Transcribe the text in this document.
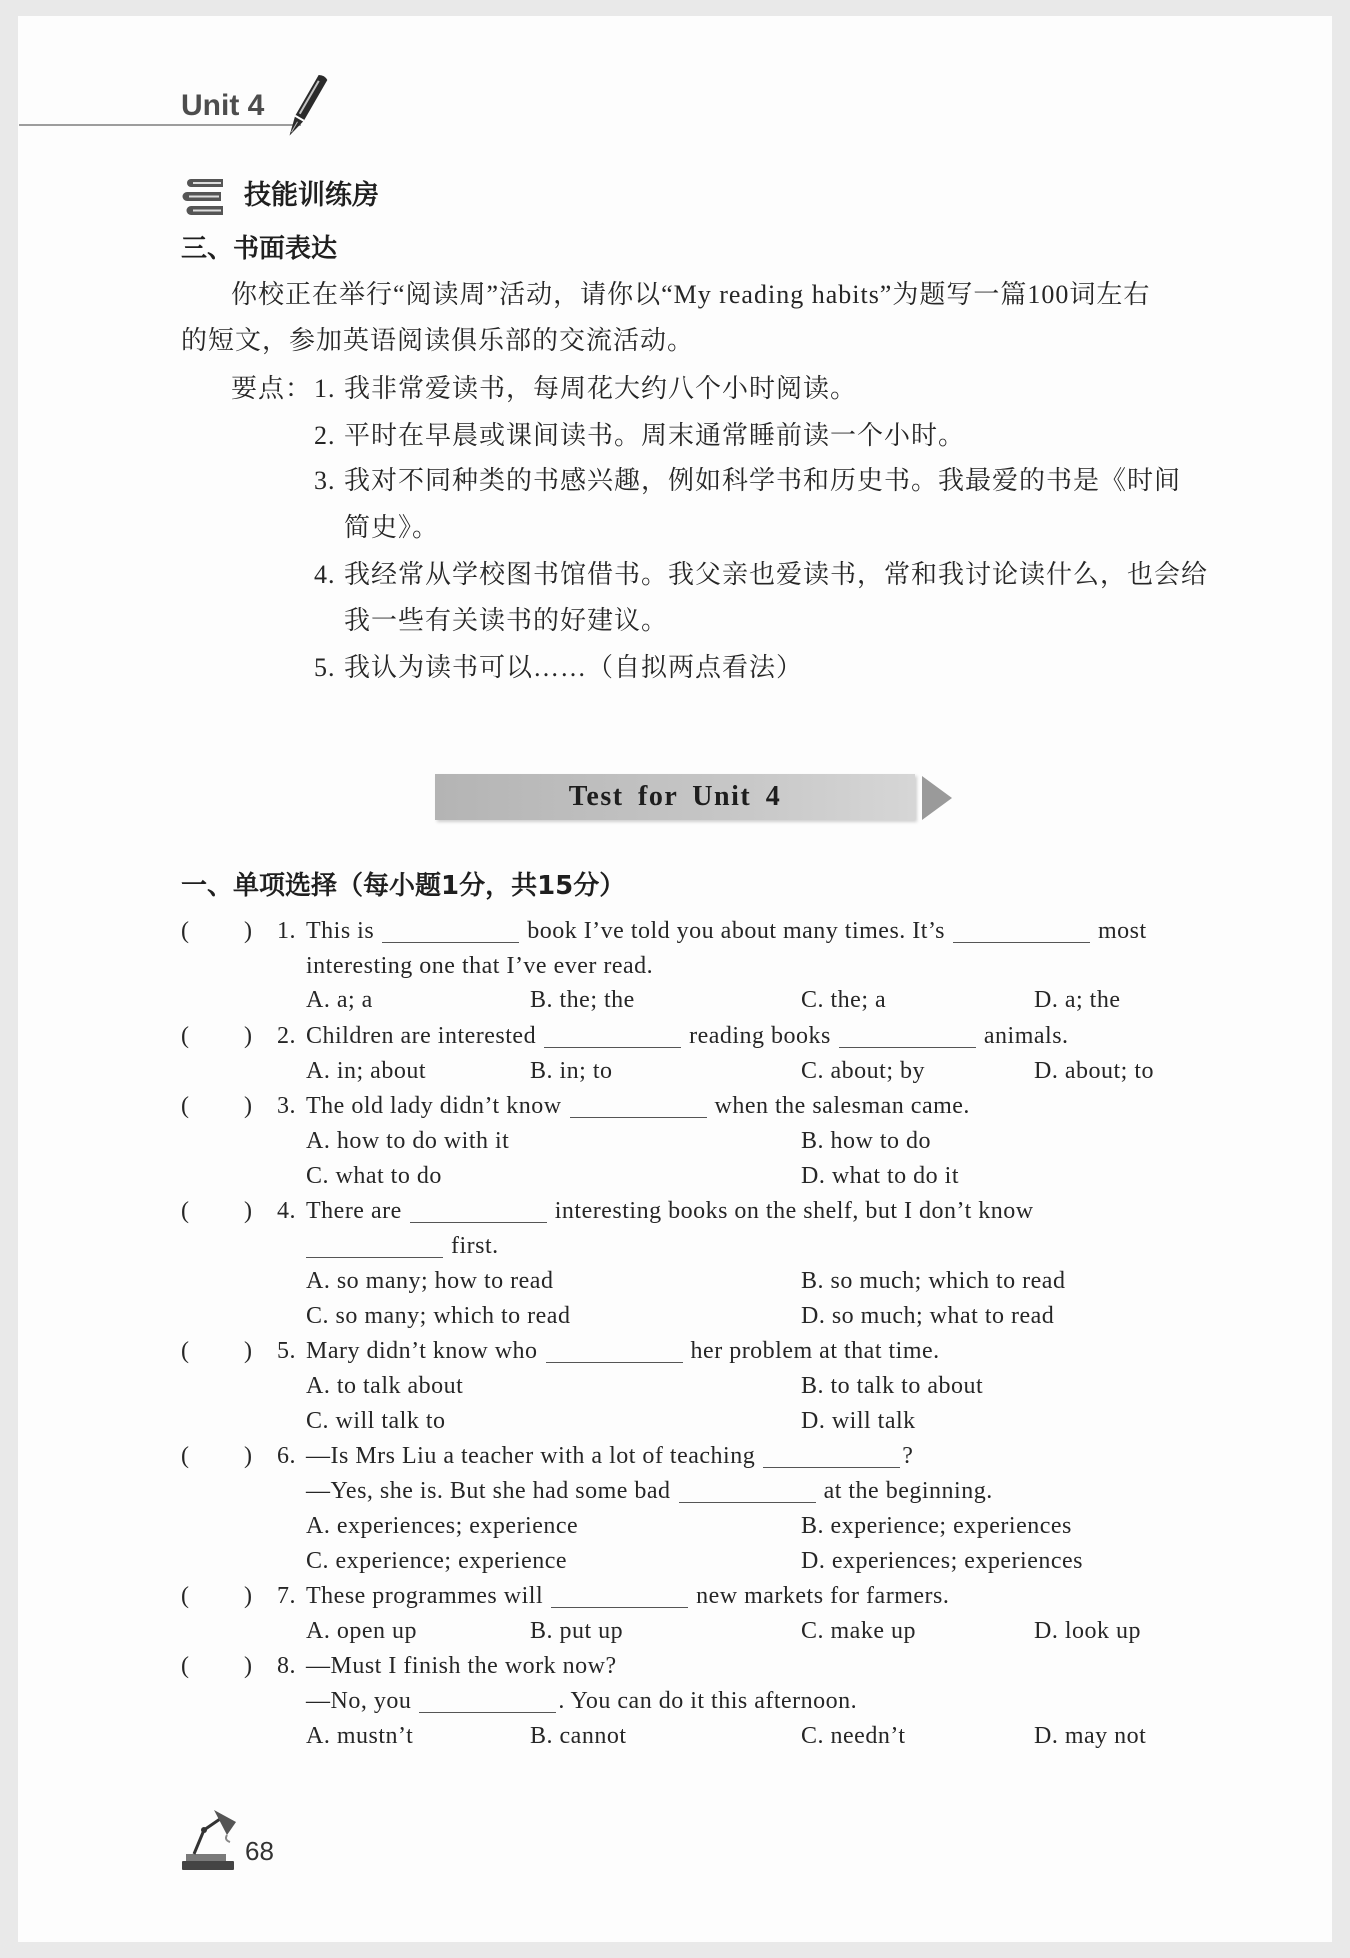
Unit 4
技能训练房
三、书面表达
你校正在举行“阅读周”活动，请你以“My reading habits”为题写一篇100词左右
的短文，参加英语阅读俱乐部的交流活动。
要点： 1. 我非常爱读书，每周花大约八个小时阅读。
2. 平时在早晨或课间读书。周末通常睡前读一个小时。
3. 我对不同种类的书感兴趣，例如科学书和历史书。我最爱的书是《时间
简史》。
4. 我经常从学校图书馆借书。我父亲也爱读书，常和我讨论读什么，也会给
我一些有关读书的好建议。
5. 我认为读书可以……（自拟两点看法）
Test for Unit 4
一、单项选择（每小题1分，共15分）
( ) 1. This is	book I’ve told you about many times. It’s	most
interesting one that I’ve ever read.
A. a; a	B. the; the	C. the; a	D. a; the
( ) 2. Children are interested	reading books	animals.
A. in; about	B. in; to	C. about; by	D. about; to
( ) 3. The old lady didn’t know	when the salesman came.
A. how to do with it	B. how to do
C. what to do	D. what to do it
( ) 4. There are	interesting books on the shelf, but I don’t know
first.
A. so many; how to read	B. so much; which to read
C. so many; which to read	D. so much; what to read
( ) 5. Mary didn’t know who	her problem at that time.
A. to talk about	B. to talk to about
C. will talk to	D. will talk
( ) 6. —Is Mrs Liu a teacher with a lot of teaching	?
—Yes, she is. But she had some bad	at the beginning.
A. experiences; experience	B. experience; experiences
C. experience; experience	D. experiences; experiences
( ) 7. These programmes will	new markets for farmers.
A. open up	B. put up	C. make up	D. look up
( ) 8. —Must I finish the work now?
—No, you	. You can do it this afternoon.
A. mustn’t	B. cannot	C. needn’t	D. may not
68
